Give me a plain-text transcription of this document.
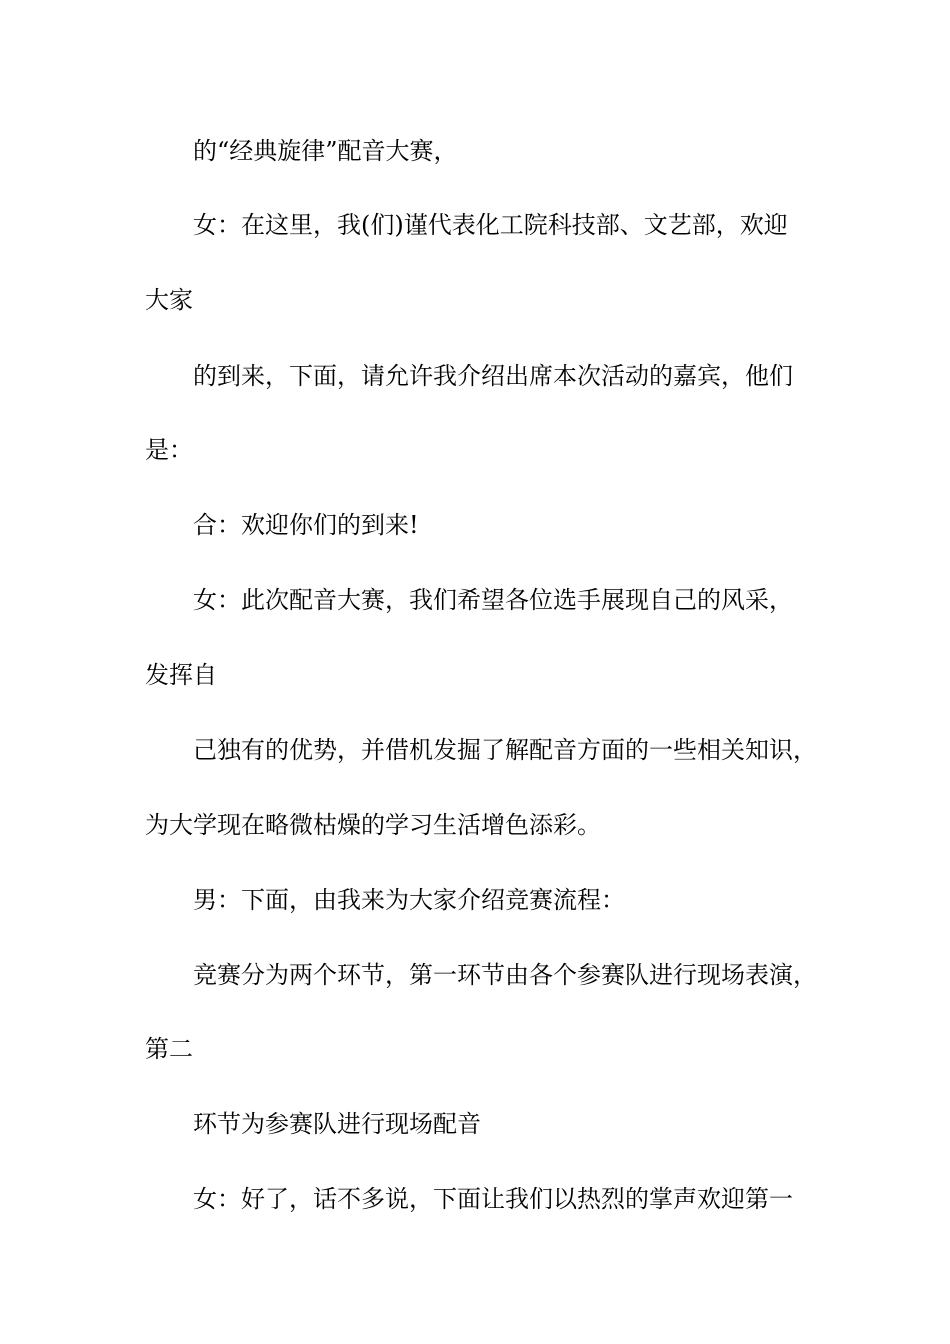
的“经典旋律”配音大赛，
女：在这里，我(们)谨代表化工院科技部、文艺部，欢迎
大家
的到来，下面，请允许我介绍出席本次活动的嘉宾，他们
是：
合：欢迎你们的到来!
女：此次配音大赛，我们希望各位选手展现自己的风采，
发挥自
己独有的优势，并借机发掘了解配音方面的一些相关知识，
为大学现在略微枯燥的学习生活增色添彩。
男：下面，由我来为大家介绍竞赛流程：
竞赛分为两个环节，第一环节由各个参赛队进行现场表演，
第二
环节为参赛队进行现场配音
女：好了，话不多说，下面让我们以热烈的掌声欢迎第一
